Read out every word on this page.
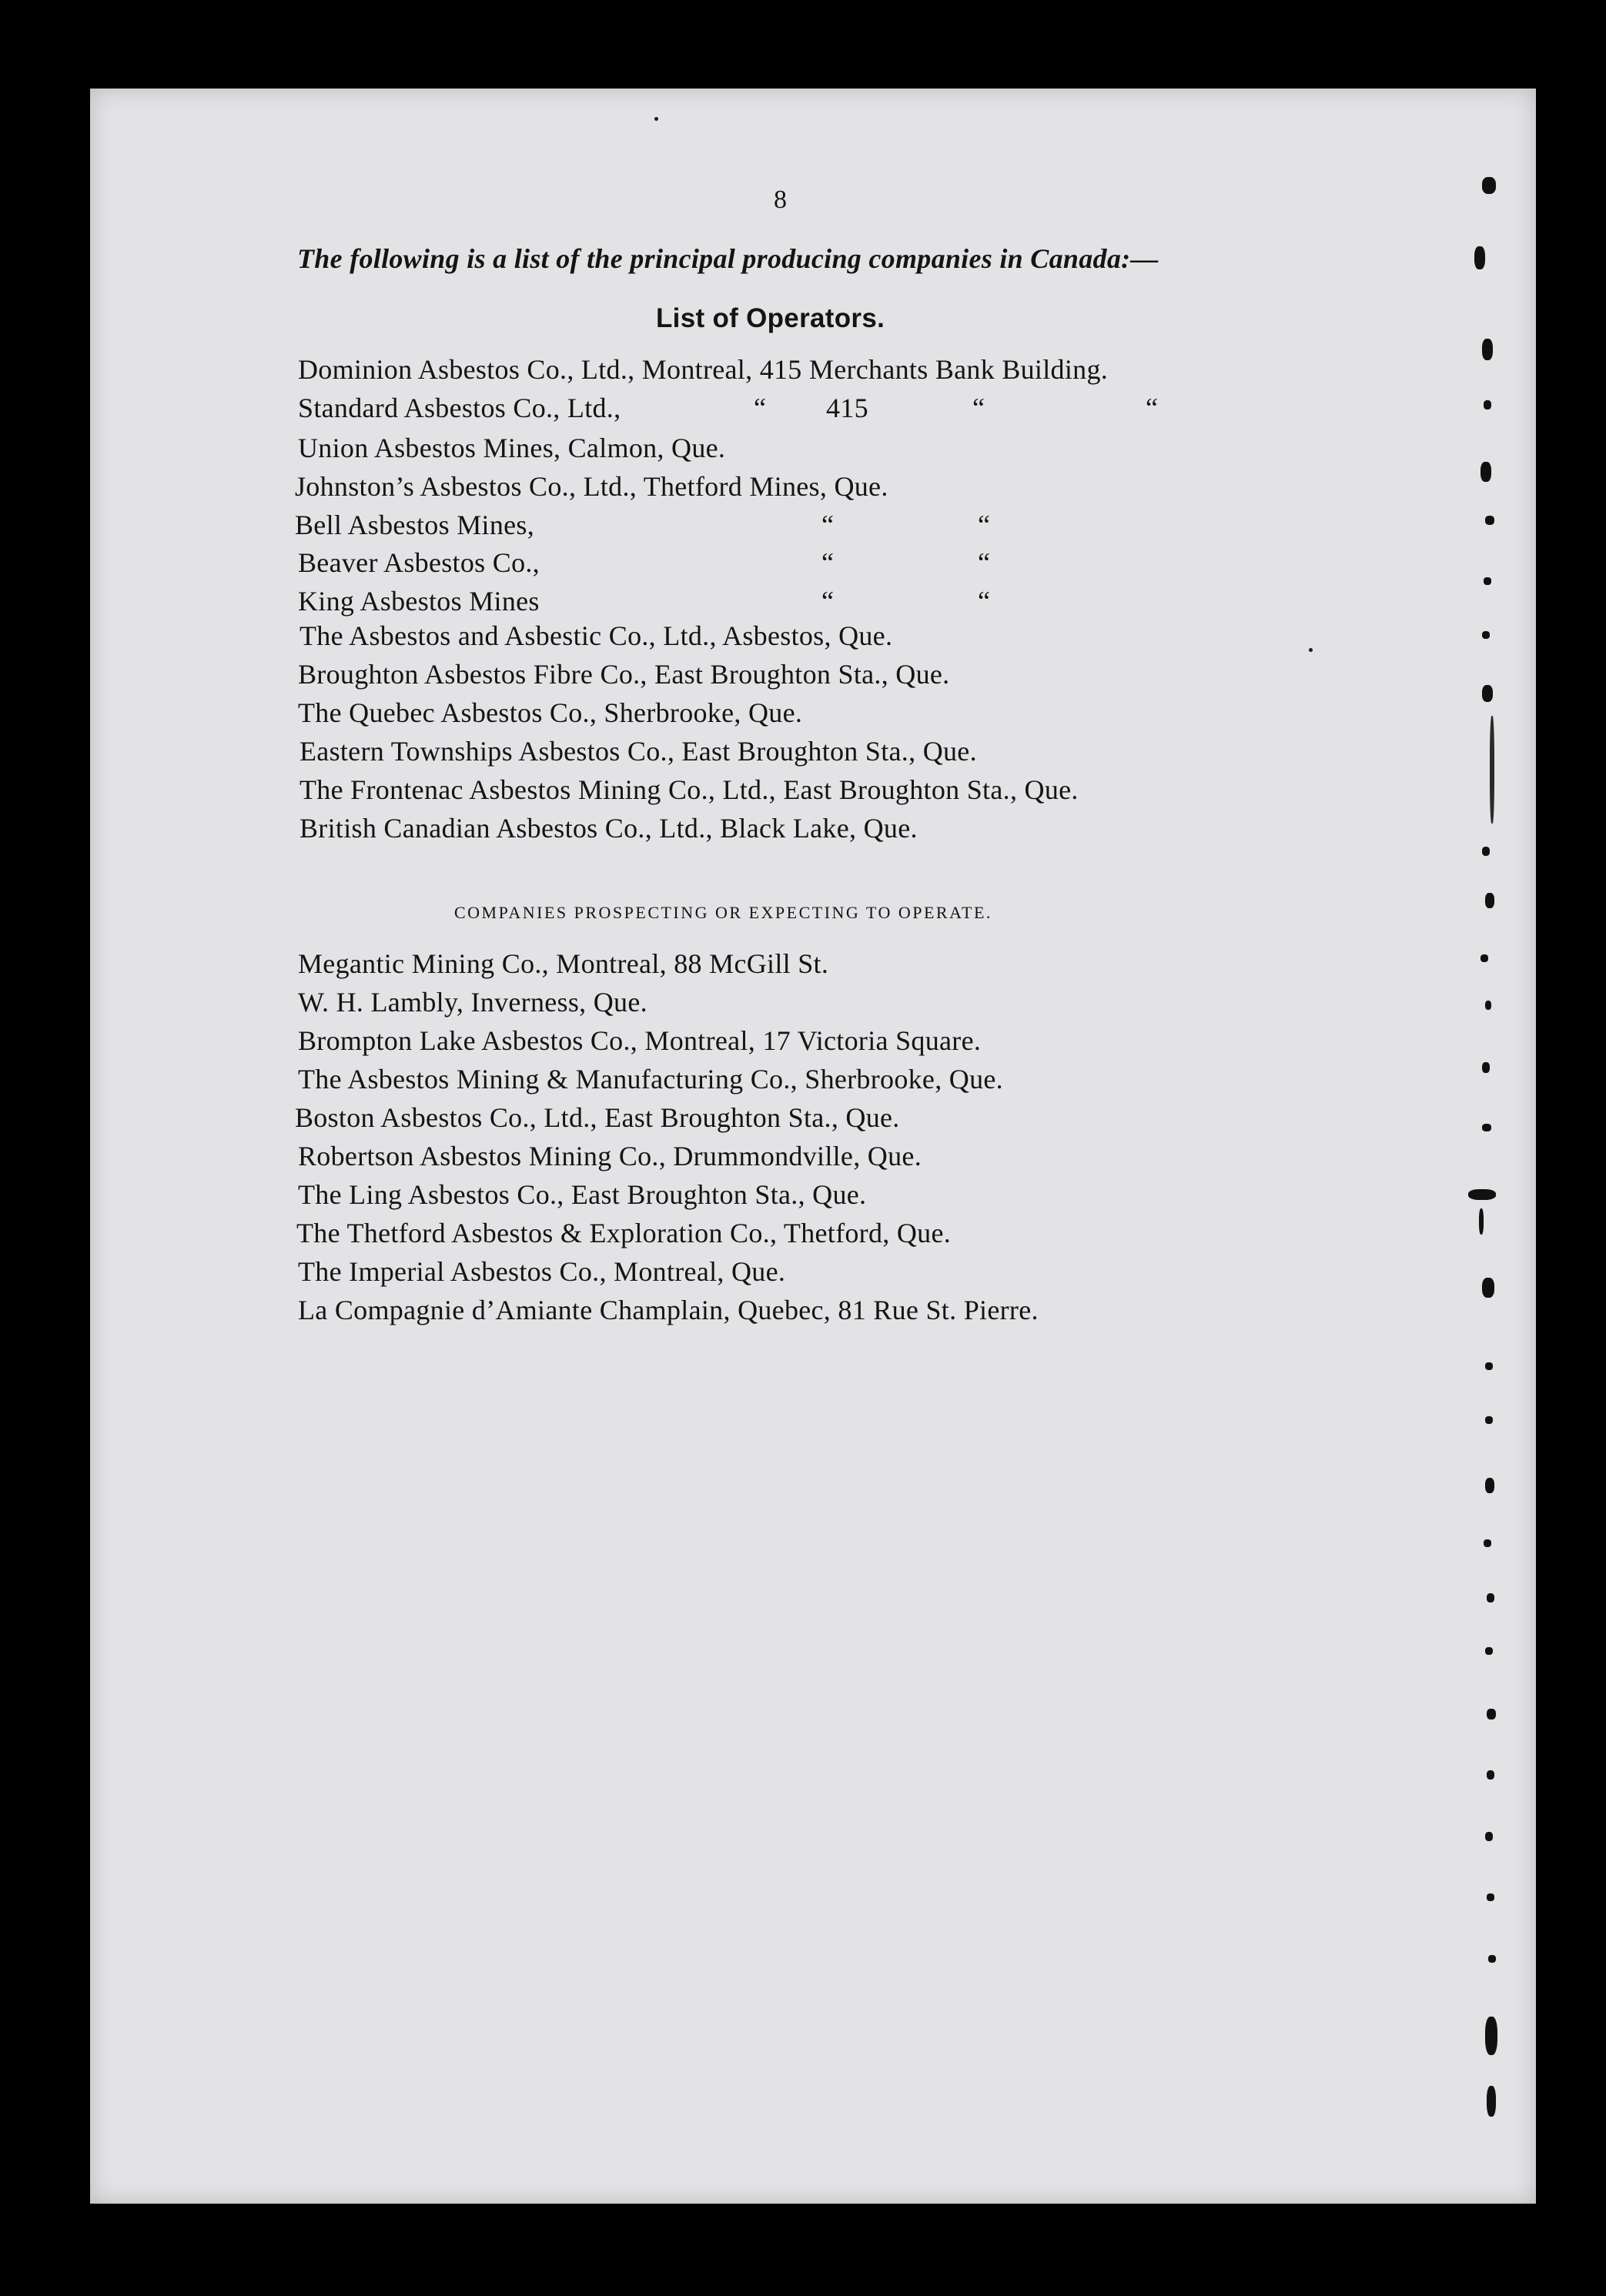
8
The following is a list of the principal producing companies in Canada:—
List of Operators.
Dominion Asbestos Co., Ltd., Montreal, 415 Merchants Bank Building.
Standard Asbestos Co., Ltd.,	“ 415	“	“
Union Asbestos Mines, Calmon, Que.
Johnston’s Asbestos Co., Ltd., Thetford Mines, Que.
Bell Asbestos Mines,	“	“
Beaver Asbestos Co.,	“	“
King Asbestos Mines	“	“
The Asbestos and Asbestic Co., Ltd., Asbestos, Que.
Broughton Asbestos Fibre Co., East Broughton Sta., Que.
The Quebec Asbestos Co., Sherbrooke, Que.
Eastern Townships Asbestos Co., East Broughton Sta., Que.
The Frontenac Asbestos Mining Co., Ltd., East Broughton Sta., Que.
British Canadian Asbestos Co., Ltd., Black Lake, Que.
COMPANIES PROSPECTING OR EXPECTING TO OPERATE.
Megantic Mining Co., Montreal, 88 McGill St.
W. H. Lambly, Inverness, Que.
Brompton Lake Asbestos Co., Montreal, 17 Victoria Square.
The Asbestos Mining & Manufacturing Co., Sherbrooke, Que.
Boston Asbestos Co., Ltd., East Broughton Sta., Que.
Robertson Asbestos Mining Co., Drummondville, Que.
The Ling Asbestos Co., East Broughton Sta., Que.
The Thetford Asbestos & Exploration Co., Thetford, Que.
The Imperial Asbestos Co., Montreal, Que.
La Compagnie d’Amiante Champlain, Quebec, 81 Rue St. Pierre.
